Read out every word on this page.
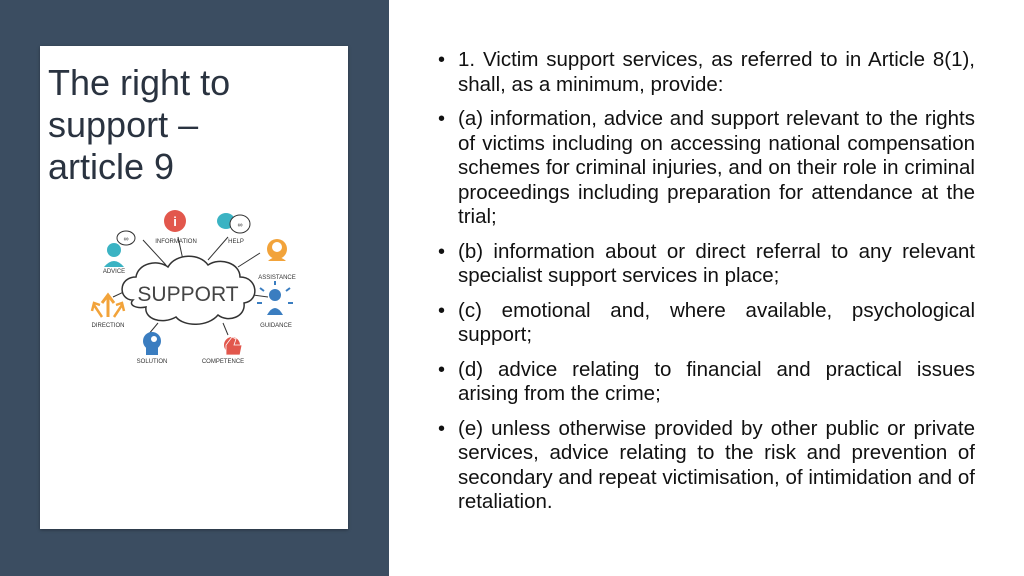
The right to
support –
article 9
SUPPORT
i
INFORMATION
∞
HELP
∞
ADVICE
ASSISTANCE
DIRECTION	GUIDANCE
SOLUTION	COMPETENCE
• 1. Victim support services, as referred to in Article 8(1), shall, as a minimum, provide:
• (a) information, advice and support relevant to the rights of victims including on accessing national compensation schemes for criminal injuries, and on their role in criminal proceedings including preparation for attendance at the trial;
• (b) information about or direct referral to any relevant specialist support services in place;
• (c) emotional and, where available, psychological support;
• (d) advice relating to financial and practical issues arising from the crime;
• (e) unless otherwise provided by other public or private services, advice relating to the risk and prevention of secondary and repeat victimisation, of intimidation and of retaliation.
